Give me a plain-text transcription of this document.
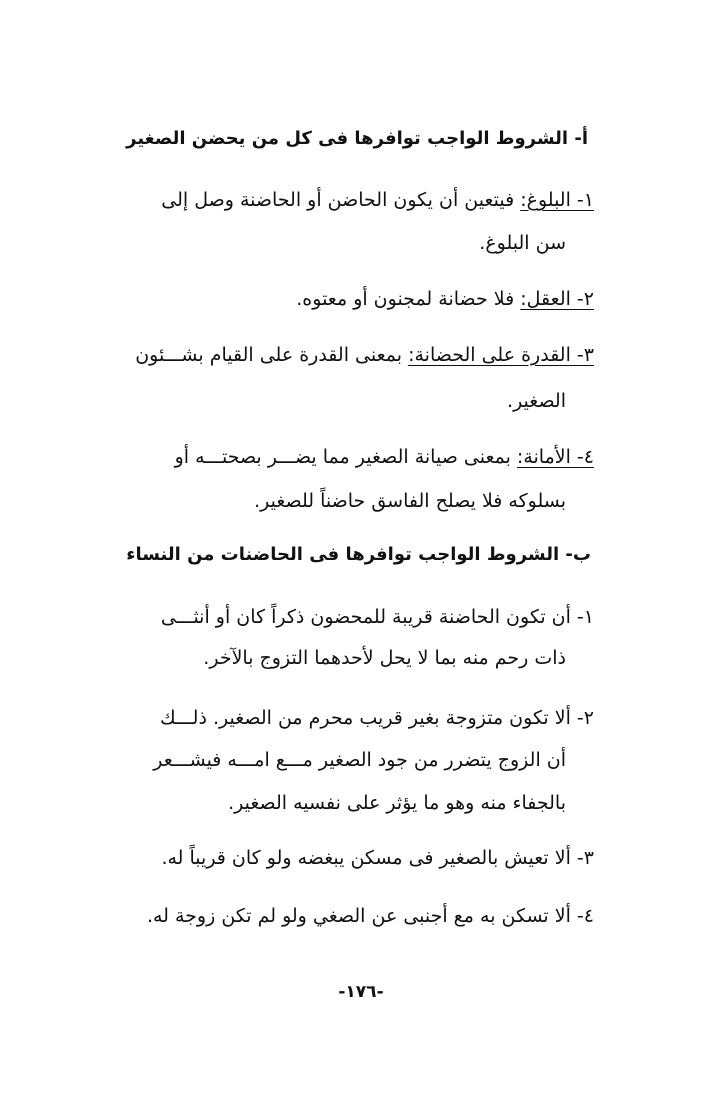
أ- الشروط الواجب توافرها فى كل من يحضن الصغير
١- البلوغ: فيتعين أن يكون الحاضن أو الحاضنة وصل إلى
سن البلوغ.
٢- العقل: فلا حضانة لمجنون أو معتوه.
٣- القدرة على الحضانة: بمعنى القدرة على القيام بشـــئون
الصغير.
٤- الأمانة: بمعنى صيانة الصغير مما يضـــر بصحتـــه أو
بسلوكه فلا يصلح الفاسق حاضناً للصغير.
ب- الشروط الواجب توافرها فى الحاضنات من النساء
١- أن تكون الحاضنة قريبة للمحضون ذكراً كان أو أنثـــى
ذات رحم منه بما لا يحل لأحدهما التزوج بالآخر.
٢- ألا تكون متزوجة بغير قريب محرم من الصغير. ذلـــك
أن الزوج يتضرر من جود الصغير مـــع امـــه فيشـــعر
بالجفاء منه وهو ما يؤثر على نفسيه الصغير.
٣- ألا تعيش بالصغير فى مسكن يبغضه ولو كان قريباً له.
٤- ألا تسكن به مع أجنبى عن الصغي ولو لم تكن زوجة له.
-١٧٦-
